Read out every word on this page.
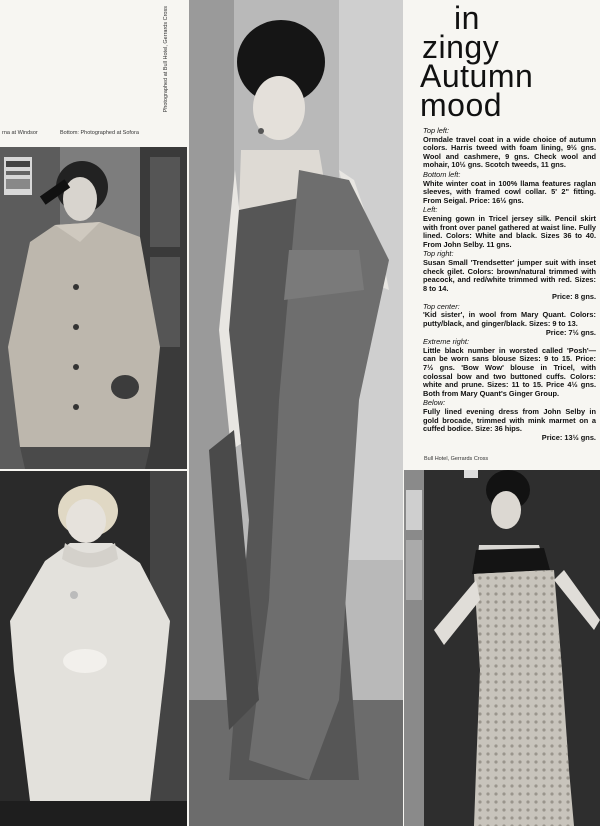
rna at Windsor	Bottom: Photographed at Sofora
Photographed at Bull Hotel, Gerrards Cross	in
zingy
Autumn
mood
Top left:
Ormdale travel coat in a wide choice of autumn colors. Harris tweed with foam lining, 9½ gns. Wool and cashmere, 9 gns. Check wool and mohair, 10½ gns. Scotch tweeds, 11 gns.
Bottom left:
White winter coat in 100% llama features raglan sleeves, with framed cowl collar. 5' 2" fitting. From Seigal. Price: 16½ gns.
Left:
Evening gown in Tricel jersey silk. Pencil skirt with front over panel gathered at waist line. Fully lined. Colors: White and black. Sizes 36 to 40. From John Selby. 11 gns.
Top right:
Susan Small 'Trendsetter' jumper suit with inset check gilet. Colors: brown/natural trimmed with peacock, and red/white trimmed with red. Sizes: 8 to 14.
Price: 8 gns.
Top center:
'Kid sister', in wool from Mary Quant. Colors: putty/black, and ginger/black. Sizes: 9 to 13.
Price: 7½ gns.
Extreme right:
Little black number in worsted called 'Posh'—can be worn sans blouse Sizes: 9 to 15. Price: 7½ gns. 'Bow Wow' blouse in Tricel, with colossal bow and two buttoned cuffs. Colors: white and prune. Sizes: 11 to 15. Price 4½ gns. Both from Mary Quant's Ginger Group.
Below:
Fully lined evening dress from John Selby in gold brocade, trimmed with mink marmet on a cuffed bodice. Size: 36 hips.
Price: 13½ gns.
Bull Hotel, Gerrards Cross
